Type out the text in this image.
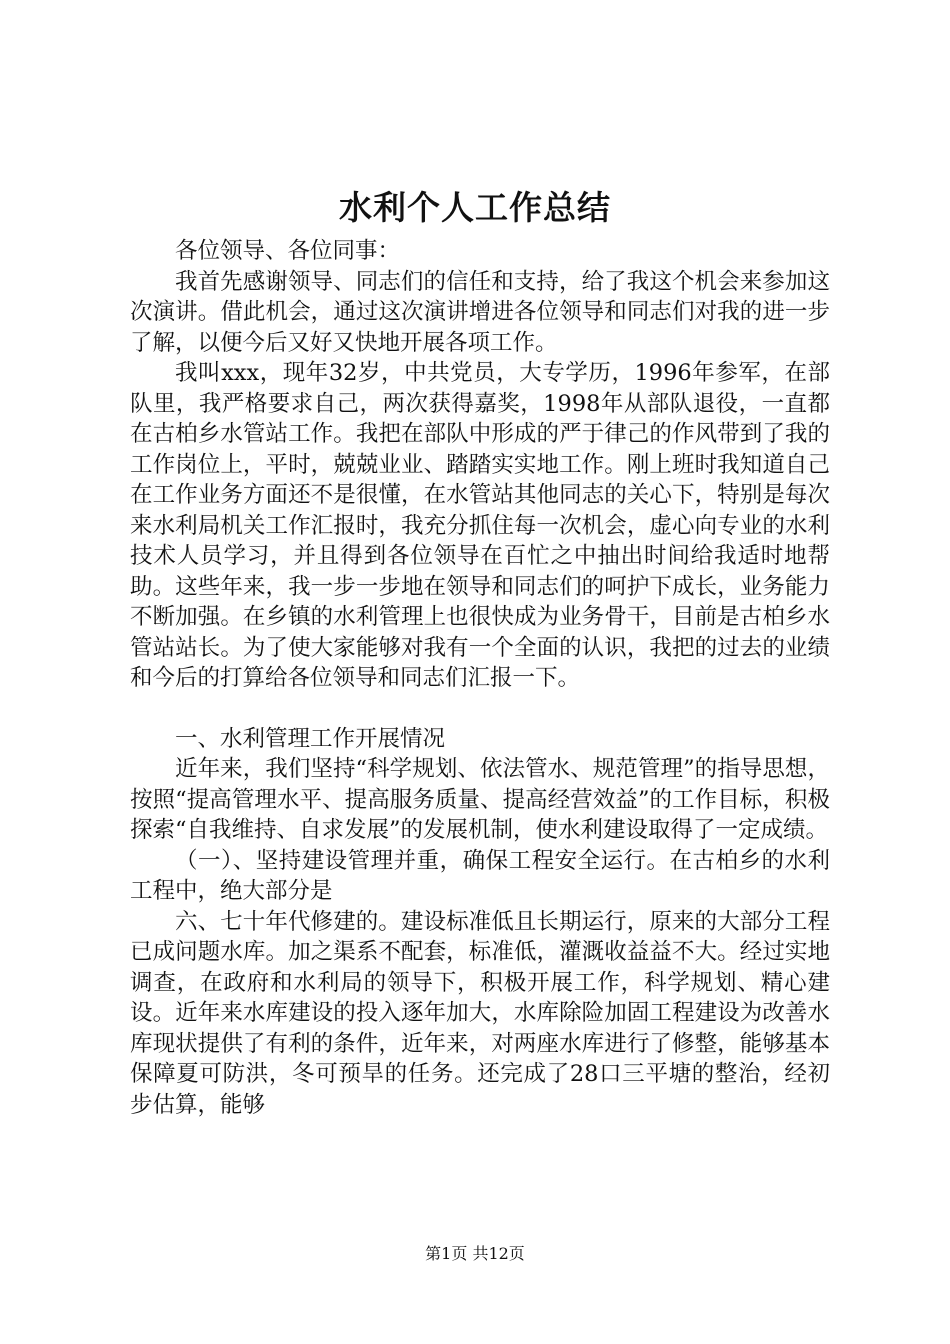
水利个人工作总结

各位领导、各位同事：

我首先感谢领导、同志们的信任和支持，给了我这个机会来参加这次演讲。借此机会，通过这次演讲增进各位领导和同志们对我的进一步了解，以便今后又好又快地开展各项工作。

我叫xxx，现年32岁，中共党员，大专学历，1996年参军，在部队里，我严格要求自己，两次获得嘉奖，1998年从部队退役，一直都在古柏乡水管站工作。我把在部队中形成的严于律己的作风带到了我的工作岗位上，平时，兢兢业业、踏踏实实地工作。刚上班时我知道自己在工作业务方面还不是很懂，在水管站其他同志的关心下，特别是每次来水利局机关工作汇报时，我充分抓住每一次机会，虚心向专业的水利技术人员学习，并且得到各位领导在百忙之中抽出时间给我适时地帮助。这些年来，我一步一步地在领导和同志们的呵护下成长，业务能力不断加强。在乡镇的水利管理上也很快成为业务骨干，目前是古柏乡水管站站长。为了使大家能够对我有一个全面的认识，我把的过去的业绩和今后的打算给各位领导和同志们汇报一下。

一、水利管理工作开展情况

近年来，我们坚持“科学规划、依法管水、规范管理”的指导思想，按照“提高管理水平、提高服务质量、提高经营效益”的工作目标，积极探索“自我维持、自求发展”的发展机制，使水利建设取得了一定成绩。

（一）、坚持建设管理并重，确保工程安全运行。在古柏乡的水利工程中，绝大部分是

六、七十年代修建的。建设标准低且长期运行，原来的大部分工程已成问题水库。加之渠系不配套，标准低，灌溉收益益不大。经过实地调查，在政府和水利局的领导下，积极开展工作，科学规划、精心建设。近年来水库建设的投入逐年加大，水库除险加固工程建设为改善水库现状提供了有利的条件，近年来，对两座水库进行了修整，能够基本保障夏可防洪，冬可预旱的任务。还完成了28口三平塘的整治，经初步估算，能够

第1页 共12页
